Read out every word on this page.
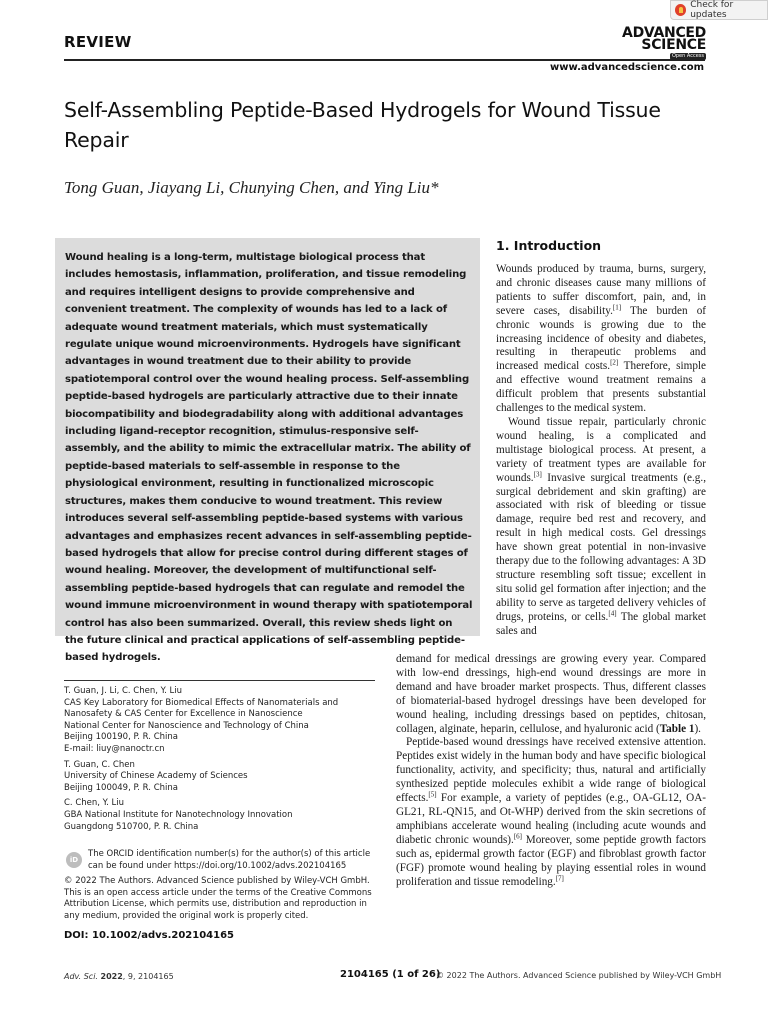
Check for updates
REVIEW	ADVANCED
SCIENCE
Open Access
www.advancedscience.com
Self-Assembling Peptide-Based Hydrogels for Wound Tissue Repair
Tong Guan, Jiayang Li, Chunying Chen, and Ying Liu*
Wound healing is a long-term, multistage biological process that includes hemostasis, inflammation, proliferation, and tissue remodeling and requires intelligent designs to provide comprehensive and convenient treatment. The complexity of wounds has led to a lack of adequate wound treatment materials, which must systematically regulate unique wound microenvironments. Hydrogels have significant advantages in wound treatment due to their ability to provide spatiotemporal control over the wound healing process. Self-assembling peptide-based hydrogels are particularly attractive due to their innate biocompatibility and biodegradability along with additional advantages including ligand-receptor recognition, stimulus-responsive self-assembly, and the ability to mimic the extracellular matrix. The ability of peptide-based materials to self-assemble in response to the physiological environment, resulting in functionalized microscopic structures, makes them conducive to wound treatment. This review introduces several self-assembling peptide-based systems with various advantages and emphasizes recent advances in self-assembling peptide-based hydrogels that allow for precise control during different stages of wound healing. Moreover, the development of multifunctional self-assembling peptide-based hydrogels that can regulate and remodel the wound immune microenvironment in wound therapy with spatiotemporal control has also been summarized. Overall, this review sheds light on the future clinical and practical applications of self-assembling peptide-based hydrogels.
1. Introduction

Wounds produced by trauma, burns, surgery, and chronic diseases cause many millions of patients to suffer discomfort, pain, and, in severe cases, disability.[1] The burden of chronic wounds is growing due to the increasing incidence of obesity and diabetes, resulting in therapeutic problems and increased medical costs.[2] Therefore, simple and effective wound treatment remains a difficult problem that presents substantial challenges to the medical system.

Wound tissue repair, particularly chronic wound healing, is a complicated and multistage biological process. At present, a variety of treatment types are available for wounds.[3] Invasive surgical treatments (e.g., surgical debridement and skin grafting) are associated with risk of bleeding or tissue damage, require bed rest and recovery, and result in high medical costs. Gel dressings have shown great potential in non-invasive therapy due to the following advantages: A 3D structure resembling soft tissue; excellent in situ solid gel formation after injection; and the ability to serve as targeted delivery vehicles of drugs, proteins, or cells.[4] The global market sales and

demand for medical dressings are growing every year. Compared with low-end dressings, high-end wound dressings are more in demand and have broader market prospects. Thus, different classes of biomaterial-based hydrogel dressings have been developed for wound healing, including dressings based on peptides, chitosan, collagen, alginate, heparin, cellulose, and hyaluronic acid (Table 1).

Peptide-based wound dressings have received extensive attention. Peptides exist widely in the human body and have specific biological functionality, activity, and specificity; thus, natural and artificially synthesized peptide molecules exhibit a wide range of biological effects.[5] For example, a variety of peptides (e.g., OA-GL12, OA-GL21, RL-QN15, and Ot-WHP) derived from the skin secretions of amphibians accelerate wound healing (including acute wounds and diabetic chronic wounds).[6] Moreover, some peptide growth factors such as, epidermal growth factor (EGF) and fibroblast growth factor (FGF) promote wound healing by playing essential roles in wound proliferation and tissue remodeling.[7]

T. Guan, J. Li, C. Chen, Y. Liu
CAS Key Laboratory for Biomedical Effects of Nanomaterials and
Nanosafety & CAS Center for Excellence in Nanoscience
National Center for Nanoscience and Technology of China
Beijing 100190, P. R. China
E-mail: liuy@nanoctr.cn
T. Guan, C. Chen
University of Chinese Academy of Sciences
Beijing 100049, P. R. China
C. Chen, Y. Liu
GBA National Institute for Nanotechnology Innovation
Guangdong 510700, P. R. China
iD
The ORCID identification number(s) for the author(s) of this article can be found under https://doi.org/10.1002/advs.202104165
© 2022 The Authors. Advanced Science published by Wiley-VCH GmbH. This is an open access article under the terms of the Creative Commons Attribution License, which permits use, distribution and reproduction in any medium, provided the original work is properly cited.
DOI: 10.1002/advs.202104165
Adv. Sci. 2022, 9, 2104165	2104165 (1 of 26)
© 2022 The Authors. Advanced Science published by Wiley-VCH GmbH
